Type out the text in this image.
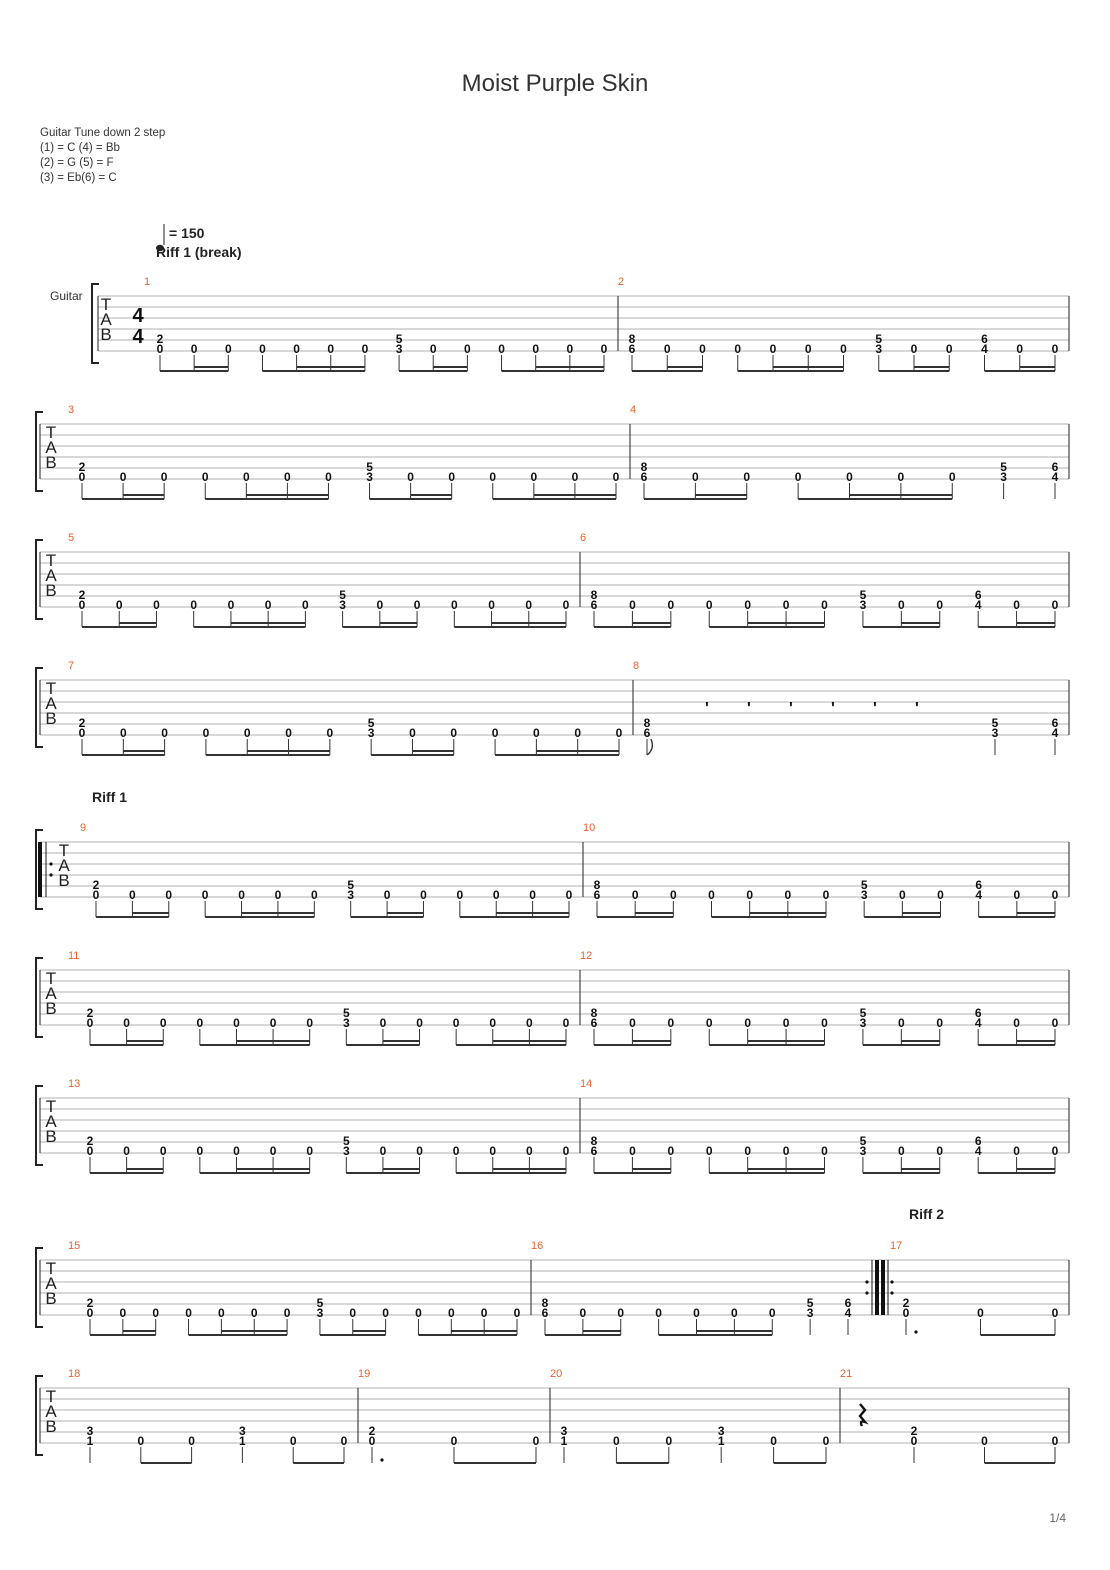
Moist Purple Skin
Guitar Tune down 2 step
(1) = C (4) = Bb
(2) = G (5) = F
(3) = Eb(6) = C
= 150
Guitar
Riff 1 (break)
Riff 1
Riff 2
T
A
B
4
4
1
2
0 0 0 0 0 0 0
5
3 0 0 0 0 0 0
2
8
6 0 0 0 0 0 0
5
3 0 0
6
4 0 0
T
A
B
3
2
0	0	0	0	0	0	0
5
3	0	0	0	0	0	0
4
8
6	0	0	0	0	0	0
5
3
6
4
T
A
B
5
2
0	0	0	0	0	0	0
5
3	0	0	0	0	0	0
6
8
6	0	0	0	0	0	0
5
3	0	0
6
4	0	0
T
A
B
7
2
0	0	0	0	0	0	0
5
3	0	0	0	0	0	0
8
⹁	⹁	⹁	⹁	⹁	⹁
8
6
5
3
6
4
T
A
B
9
2
0 0 0 0 0 0 0
5
3 0 0 0 0 0 0
10
8
6	0	0	0	0	0	0
5
3	0	0
6
4	0	0
T
A
B
11
2
0 0 0 0 0 0 0
5
3 0 0 0 0 0 0
12
8
6	0	0	0	0	0	0
5
3	0	0
6
4	0	0
T
A
B
13
2
0 0 0 0 0 0 0
5
3 0 0 0 0 0 0
14
8
6	0	0	0	0	0	0
5
3	0	0
6
4	0	0
T
A
B
15
2
0 0 0 0 0 0 0
5
3 0 0 0 0 0 0
16
8
6	0	0	0	0	0	0
5
3
6
4
17
2
0	0	0
T
A
B
18
3
1	0	0
3
1	0	0
19
2
0	0	0
20
3
1	0	0
3
1	0	0
21
2
0	0	0
1/4
